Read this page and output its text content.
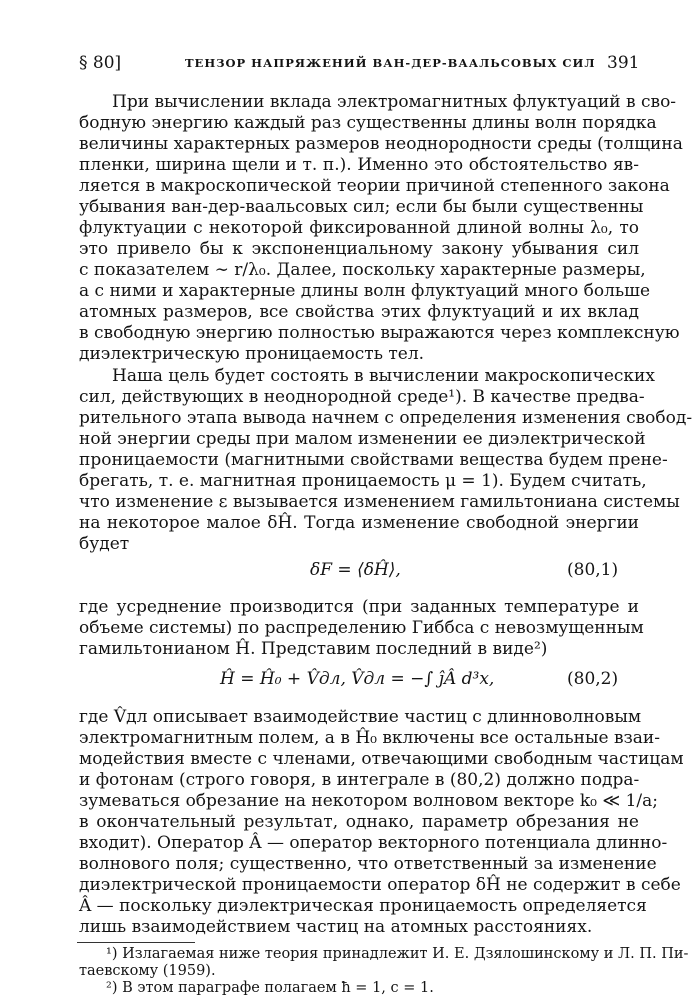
§ 80]	ТЕНЗОР НАПРЯЖЕНИЙ ВАН-ДЕР-ВААЛЬСОВЫХ СИЛ 391
При вычислении вклада электромагнитных флуктуаций в сво-
бодную энергию каждый раз существенны длины волн порядка
величины характерных размеров неоднородности среды (толщина
пленки, ширина щели и т. п.). Именно это обстоятельство яв-
ляется в макроскопической теории причиной степенного закона
убывания ван-дер-ваальсовых сил; если бы были существенны
флуктуации с некоторой фиксированной длиной волны λ₀, то
это привело бы к экспоненциальному закону убывания сил
с показателем ∼ r/λ₀. Далее, поскольку характерные размеры,
а с ними и характерные длины волн флуктуаций много больше
атомных размеров, все свойства этих флуктуаций и их вклад
в свободную энергию полностью выражаются через комплексную
диэлектрическую проницаемость тел.
Наша цель будет состоять в вычислении макроскопических
сил, действующих в неоднородной среде¹). В качестве предва-
рительного этапа вывода начнем с определения изменения свобод-
ной энергии среды при малом изменении ее диэлектрической
проницаемости (магнитными свойствами вещества будем прене-
брегать, т. е. магнитная проницаемость μ = 1). Будем считать,
что изменение ε вызывается изменением гамильтониана системы
на некоторое малое δĤ. Тогда изменение свободной энергии
будет
δF = ⟨δĤ⟩,	(80,1)
где усреднение производится (при заданных температуре и
объеме системы) по распределению Гиббса с невозмущенным
гамильтонианом Ĥ. Представим последний в виде²)
Ĥ = Ĥ₀ + V̂дл, V̂дл = −∫ ĵÂ d³x,	(80,2)
где V̂дл описывает взаимодействие частиц с длинноволновым
электромагнитным полем, а в Ĥ₀ включены все остальные взаи-
модействия вместе с членами, отвечающими свободным частицам
и фотонам (строго говоря, в интеграле в (80,2) должно подра-
зумеваться обрезание на некотором волновом векторе k₀ ≪ 1/a;
в окончательный результат, однако, параметр обрезания не
входит). Оператор Â — оператор векторного потенциала длинно-
волнового поля; существенно, что ответственный за изменение
диэлектрической проницаемости оператор δĤ не содержит в себе
Â — поскольку диэлектрическая проницаемость определяется
лишь взаимодействием частиц на атомных расстояниях.
¹) Излагаемая ниже теория принадлежит И. Е. Дзялошинскому и Л. П. Пи-
таевскому (1959).
²) В этом параграфе полагаем ħ = 1, c = 1.
